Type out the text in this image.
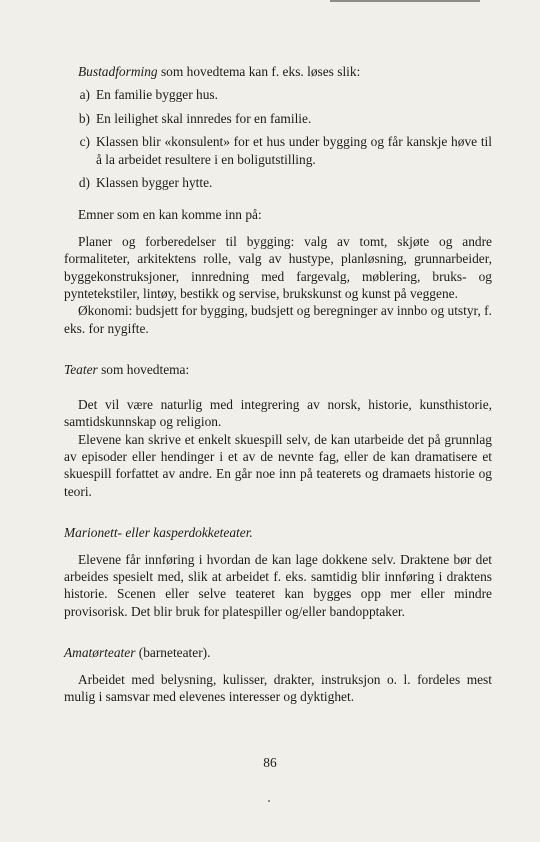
Bustadforming som hovedtema kan f. eks. løses slik:

a) En familie bygger hus.
b) En leilighet skal innredes for en familie.
c) Klassen blir «konsulent» for et hus under bygging og får kanskje høve til å la arbeidet resultere i en boligutstilling.
d) Klassen bygger hytte.

Emner som en kan komme inn på:

Planer og forberedelser til bygging: valg av tomt, skjøte og andre formaliteter, arkitektens rolle, valg av hustype, planløsning, grunnarbeider, byggekonstruksjoner, innredning med fargevalg, møblering, bruks- og pyntetekstiler, lintøy, bestikk og servise, brukskunst og kunst på veggene.

Økonomi: budsjett for bygging, budsjett og beregninger av innbo og utstyr, f. eks. for nygifte.

Teater som hovedtema:

Det vil være naturlig med integrering av norsk, historie, kunsthistorie, samtidskunnskap og religion.

Elevene kan skrive et enkelt skuespill selv, de kan utarbeide det på grunnlag av episoder eller hendinger i et av de nevnte fag, eller de kan dramatisere et skuespill forfattet av andre. En går noe inn på teaterets og dramaets historie og teori.

Marionett- eller kasperdokketeater.

Elevene får innføring i hvordan de kan lage dokkene selv. Draktene bør det arbeides spesielt med, slik at arbeidet f. eks. samtidig blir innføring i draktens historie. Scenen eller selve teateret kan bygges opp mer eller mindre provisorisk. Det blir bruk for platespiller og/eller bandopptaker.

Amatørteater (barneteater).

Arbeidet med belysning, kulisser, drakter, instruksjon o. l. fordeles mest mulig i samsvar med elevenes interesser og dyktighet.

86
